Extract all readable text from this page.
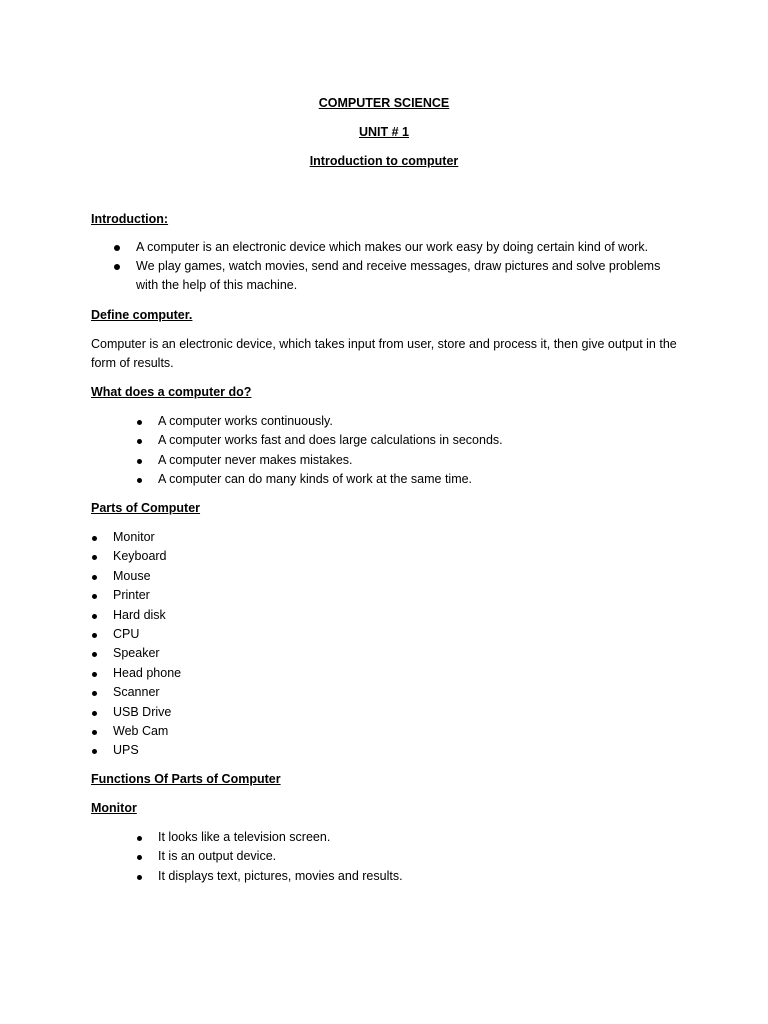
COMPUTER SCIENCE
UNIT # 1
Introduction to computer
Introduction:
A computer is an electronic device which makes our work easy by doing certain kind of work.
We play games, watch movies, send and receive messages, draw pictures and solve problems with the help of this machine.
Define computer.
Computer is an electronic device, which takes input from user, store and process it, then give output in the form of results.
What does a computer do?
A computer works continuously.
A computer works fast and does large calculations in seconds.
A computer never makes mistakes.
A computer can do many kinds of work at the same time.
Parts of Computer
Monitor
Keyboard
Mouse
Printer
Hard disk
CPU
Speaker
Head phone
Scanner
USB Drive
Web Cam
UPS
Functions Of Parts of Computer
Monitor
It looks like a television screen.
It is an output device.
It displays text, pictures, movies and results.
